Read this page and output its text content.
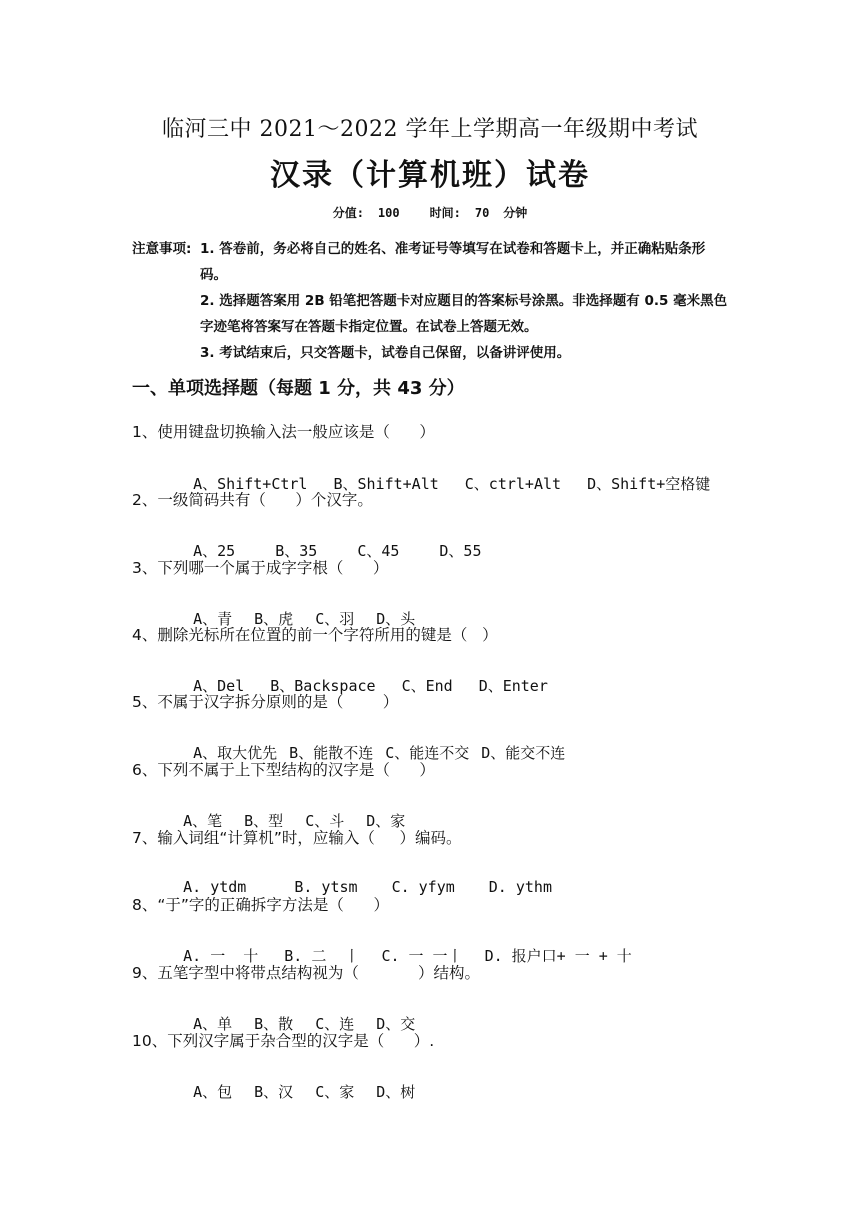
临河三中 2021～2022 学年上学期高一年级期中考试
汉录（计算机班）试卷
分值: 100	时间: 70 分钟
注意事项: 1. 答卷前，务必将自己的姓名、准考证号等填写在试卷和答题卡上，并正确粘贴条形码。
2. 选择题答案用 2B 铅笔把答题卡对应题目的答案标号涂黑。非选择题有 0.5 毫米黑色字迹笔将答案写在答题卡指定位置。在试卷上答题无效。
3. 考试结束后，只交答题卡，试卷自己保留，以备讲评使用。
一、单项选择题（每题 1 分，共 43 分）
1、使用键盘切换输入法一般应该是（      ）

A、Shift+Ctrl B、Shift+Alt C、ctrl+Alt D、Shift+空格键

2、一级简码共有（      ）个汉字。

A、25	B、35	C、45	D、55

3、下列哪一个属于成字字根（      ）

A、青 B、虎 C、羽 D、头

4、删除光标所在位置的前一个字符所用的键是（   ）

A、Del B、Backspace C、End D、Enter

5、不属于汉字拆分原则的是（        ）

A、取大优先 B、能散不连 C、能连不交 D、能交不连

6、下列不属于上下型结构的汉字是（      ）

A、笔 B、型 C、斗 D、家

7、输入词组“计算机”时，应输入（     ）编码。

A. ytdm	B. ytsm C. yfym D. ythm

8、“于”字的正确拆字方法是（      ）

A. 一  十 B. 二  丨 C. 一 一丨 D. 报户口+ 一 + 十

9、五笔字型中将带点结构视为（            ）结构。

A、单 B、散 C、连 D、交

10、下列汉字属于杂合型的汉字是（      ）.

A、包 B、汉 C、家 D、树
